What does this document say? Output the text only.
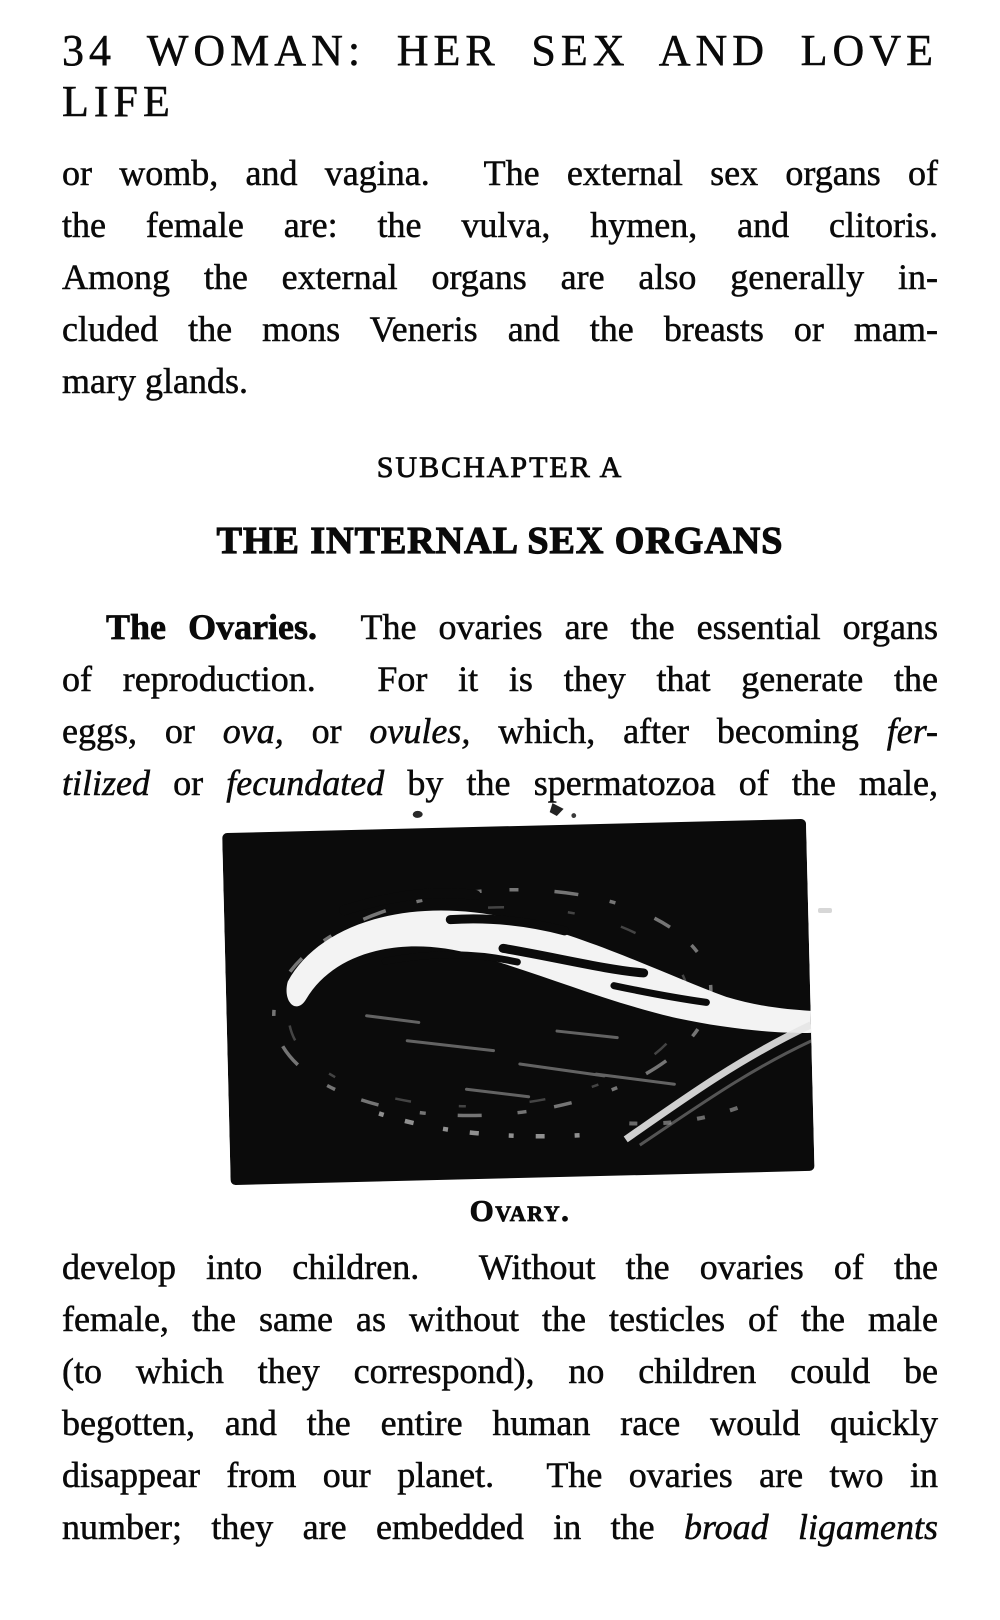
34 WOMAN: HER SEX AND LOVE LIFE
or womb, and vagina.  The external sex organs of
the female are: the vulva, hymen, and clitoris.
Among the external organs are also generally in-
cluded the mons Veneris and the breasts or mam-
mary glands.
SUBCHAPTER A
THE INTERNAL SEX ORGANS
The Ovaries.  The ovaries are the essential organs
of reproduction.  For it is they that generate the
eggs, or ova, or ovules, which, after becoming fer-
tilized or fecundated by the spermatozoa of the male,
Ovary.
develop into children.  Without the ovaries of the
female, the same as without the testicles of the male
(to which they correspond), no children could be
begotten, and the entire human race would quickly
disappear from our planet.  The ovaries are two in
number; they are embedded in the broad ligaments
